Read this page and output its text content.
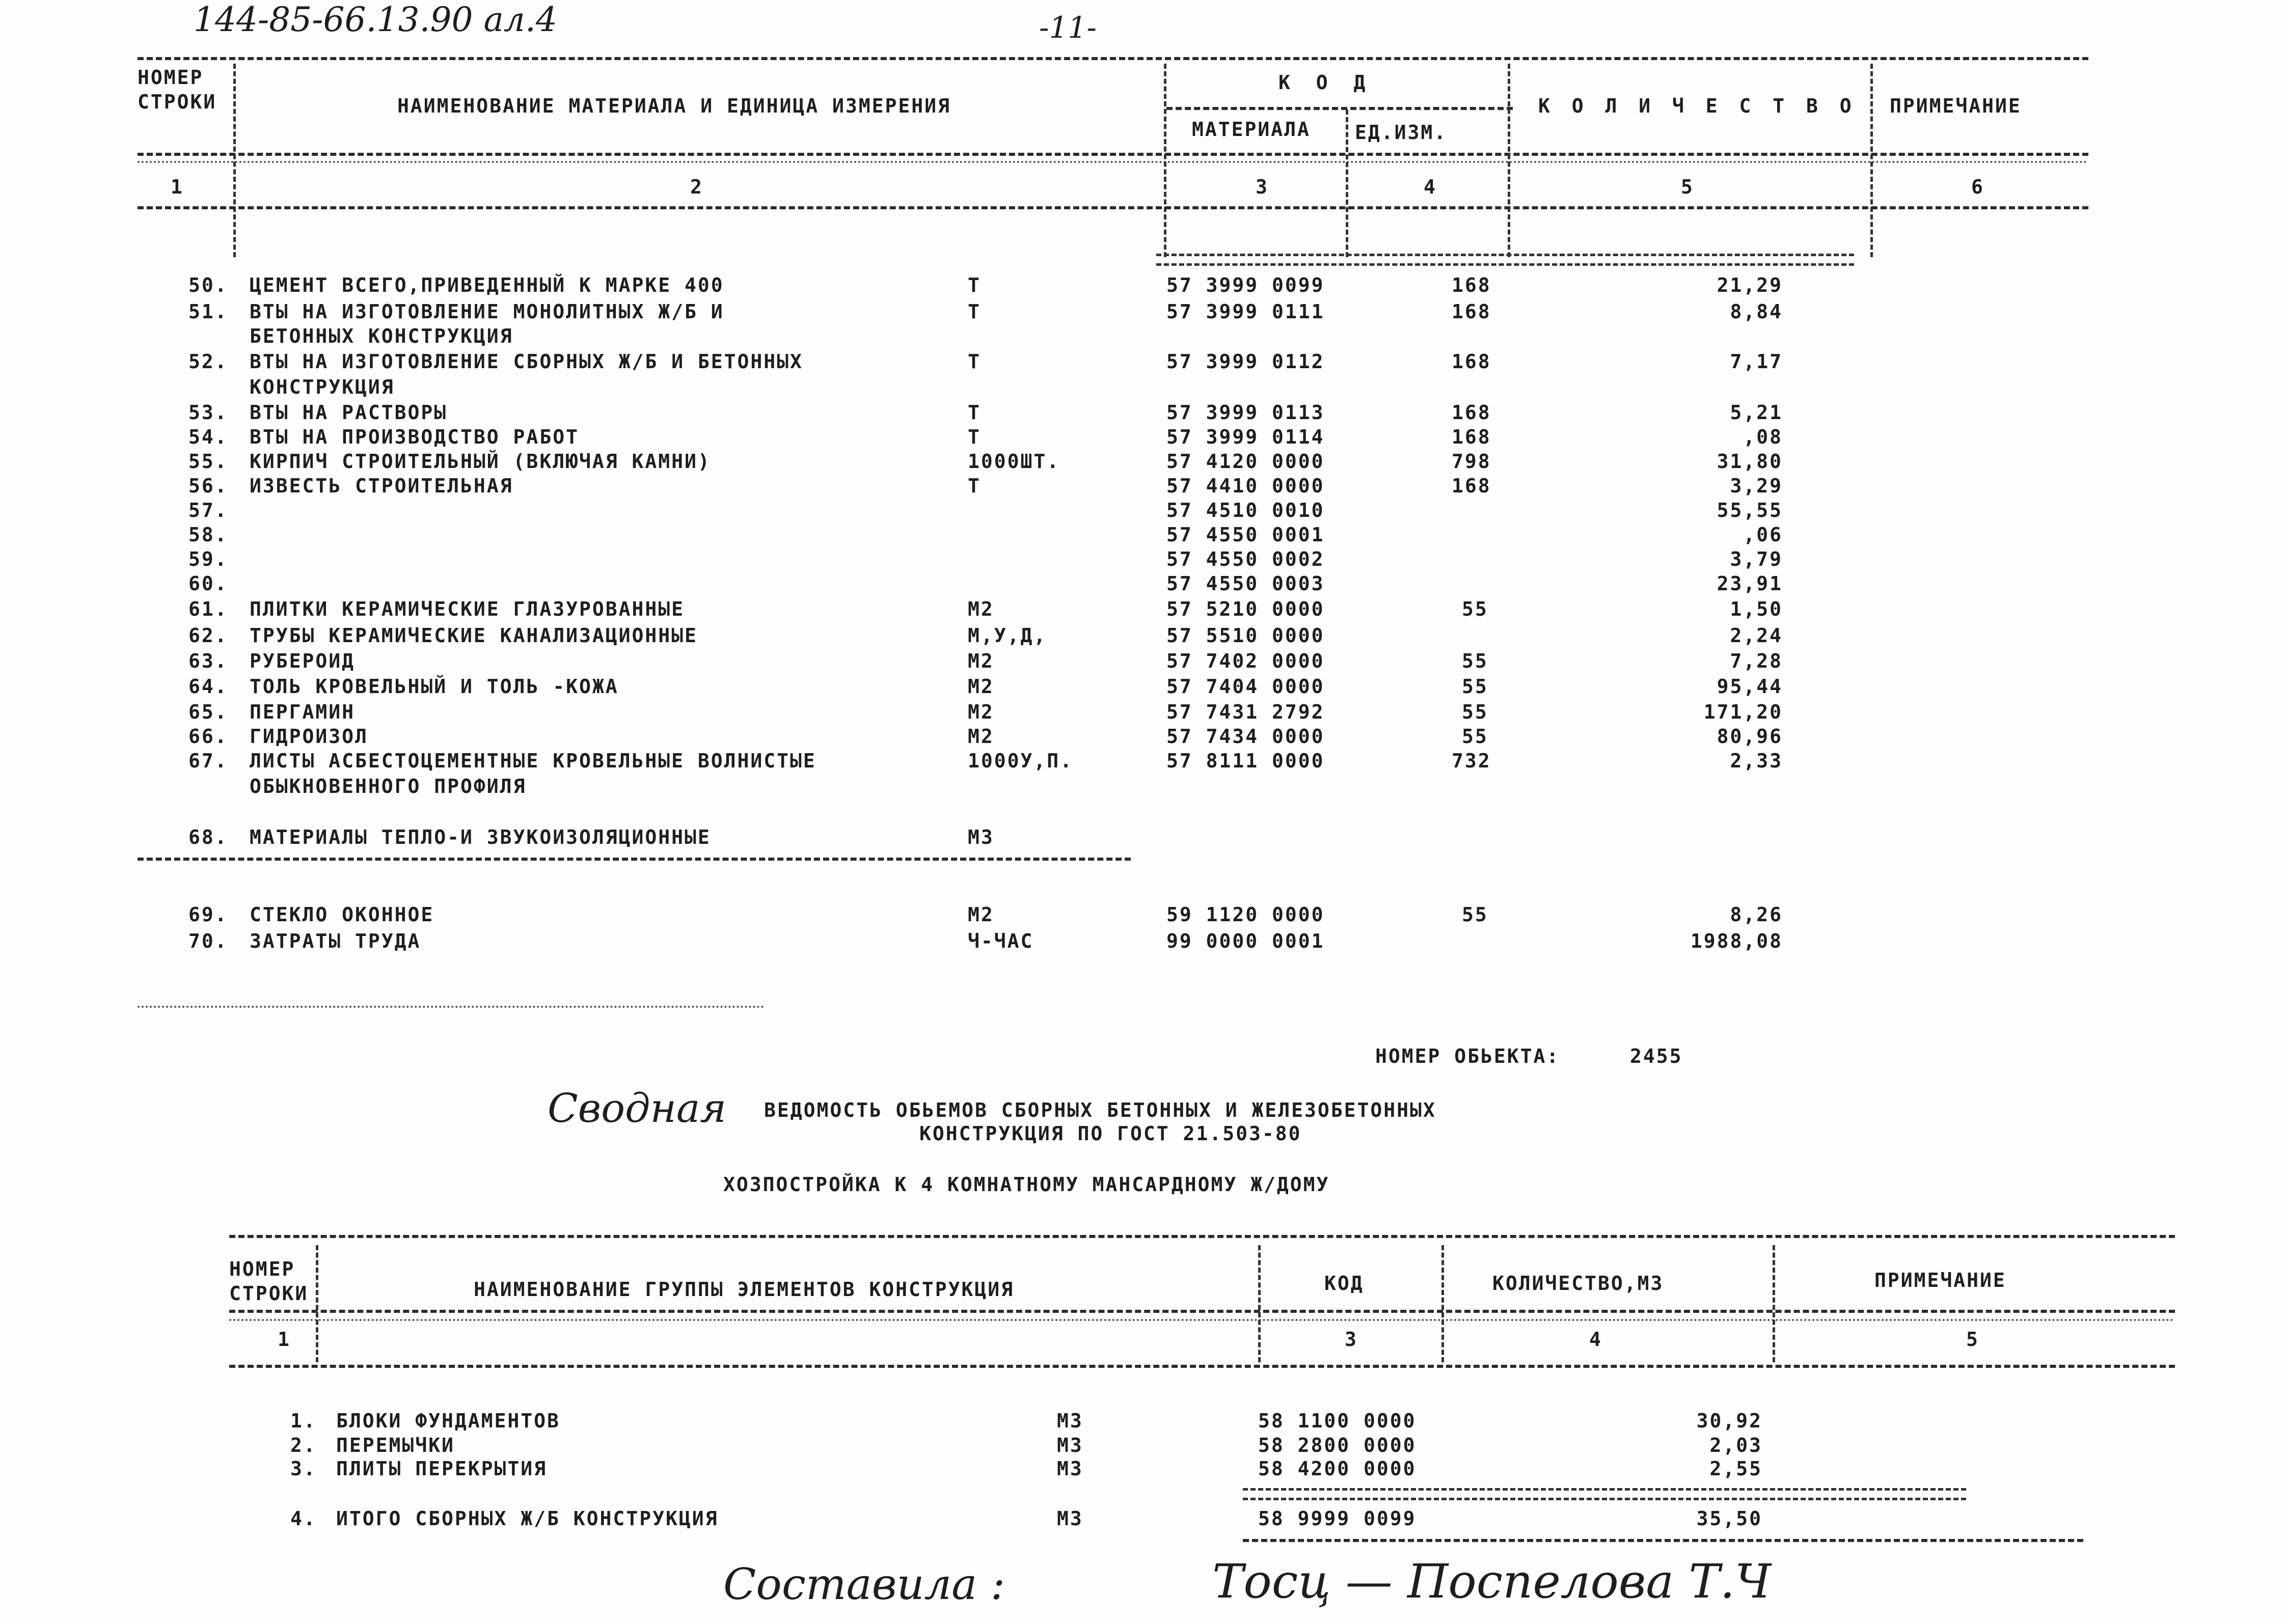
144-85-66.13.90 ал.4	-11-
НОМЕР
СТРОКИ	НАИМЕНОВАНИЕ МАТЕРИАЛА И ЕДИНИЦА ИЗМЕРЕНИЯ
К О Д
МАТЕРИАЛА ЕД.ИЗМ.
К О Л И Ч Е С Т В О ПРИМЕЧАНИЕ
1	2	3	4	5	6
50. ЦЕМЕНТ ВСЕГО,ПРИВЕДЕННЫЙ К МАРКЕ 400	Т	57 3999 0099	168	21,29
51. ВТЫ НА ИЗГОТОВЛЕНИЕ МОНОЛИТНЫХ Ж/Б И	Т	57 3999 0111	168	8,84
БЕТОННЫХ КОНСТРУКЦИЯ
52. ВТЫ НА ИЗГОТОВЛЕНИЕ СБОРНЫХ Ж/Б И БЕТОННЫХ	Т	57 3999 0112	168	7,17
КОНСТРУКЦИЯ
53. ВТЫ НА РАСТВОРЫ	Т	57 3999 0113	168	5,21
54. ВТЫ НА ПРОИЗВОДСТВО РАБОТ	Т	57 3999 0114	168	,08
55. КИРПИЧ СТРОИТЕЛЬНЫЙ (ВКЛЮЧАЯ КАМНИ)	1000ШТ.	57 4120 0000	798	31,80
56. ИЗВЕСТЬ СТРОИТЕЛЬНАЯ	Т	57 4410 0000	168	3,29
57.	57 4510 0010	55,55
58.	57 4550 0001	,06
59.	57 4550 0002	3,79
60.	57 4550 0003	23,91
61. ПЛИТКИ КЕРАМИЧЕСКИЕ ГЛАЗУРОВАННЫЕ	М2	57 5210 0000	55	1,50
62. ТРУБЫ КЕРАМИЧЕСКИЕ КАНАЛИЗАЦИОННЫЕ	М,У,Д,	57 5510 0000	2,24
63. РУБЕРОИД	М2	57 7402 0000	55	7,28
64. ТОЛЬ КРОВЕЛЬНЫЙ И ТОЛЬ -КОЖА	М2	57 7404 0000	55	95,44
65. ПЕРГАМИН	М2	57 7431 2792	55	171,20
66. ГИДРОИЗОЛ	М2	57 7434 0000	55	80,96
67. ЛИСТЫ АСБЕСТОЦЕМЕНТНЫЕ КРОВЕЛЬНЫЕ ВОЛНИСТЫЕ	1000У,П.	57 8111 0000	732	2,33
ОБЫКНОВЕННОГО ПРОФИЛЯ
68. МАТЕРИАЛЫ ТЕПЛО-И ЗВУКОИЗОЛЯЦИОННЫЕ	М3
69. СТЕКЛО ОКОННОЕ	М2	59 1120 0000	55	8,26
70. ЗАТРАТЫ ТРУДА	Ч-ЧАС	99 0000 0001	1988,08
НОМЕР ОБЬЕКТА:	2455
Сводная ВЕДОМОСТЬ ОБЬЕМОВ СБОРНЫХ БЕТОННЫХ И ЖЕЛЕЗОБЕТОННЫХ
КОНСТРУКЦИЯ ПО ГОСТ 21.503-80
ХОЗПОСТРОЙКА К 4 КОМНАТНОМУ МАНСАРДНОМУ Ж/ДОМУ
НОМЕР
СТРОКИ	НАИМЕНОВАНИЕ ГРУППЫ ЭЛЕМЕНТОВ КОНСТРУКЦИЯ	КОД	КОЛИЧЕСТВО,М3	ПРИМЕЧАНИЕ
1	3	4	5
1. БЛОКИ ФУНДАМЕНТОВ	М3	58 1100 0000	30,92
2. ПЕРЕМЫЧКИ	М3	58 2800 0000	2,03
3. ПЛИТЫ ПЕРЕКРЫТИЯ	М3	58 4200 0000	2,55
4. ИТОГО СБОРНЫХ Ж/Б КОНСТРУКЦИЯ	М3	58 9999 0099	35,50
Составила :	Тосц — Поспелова Т.Ч
